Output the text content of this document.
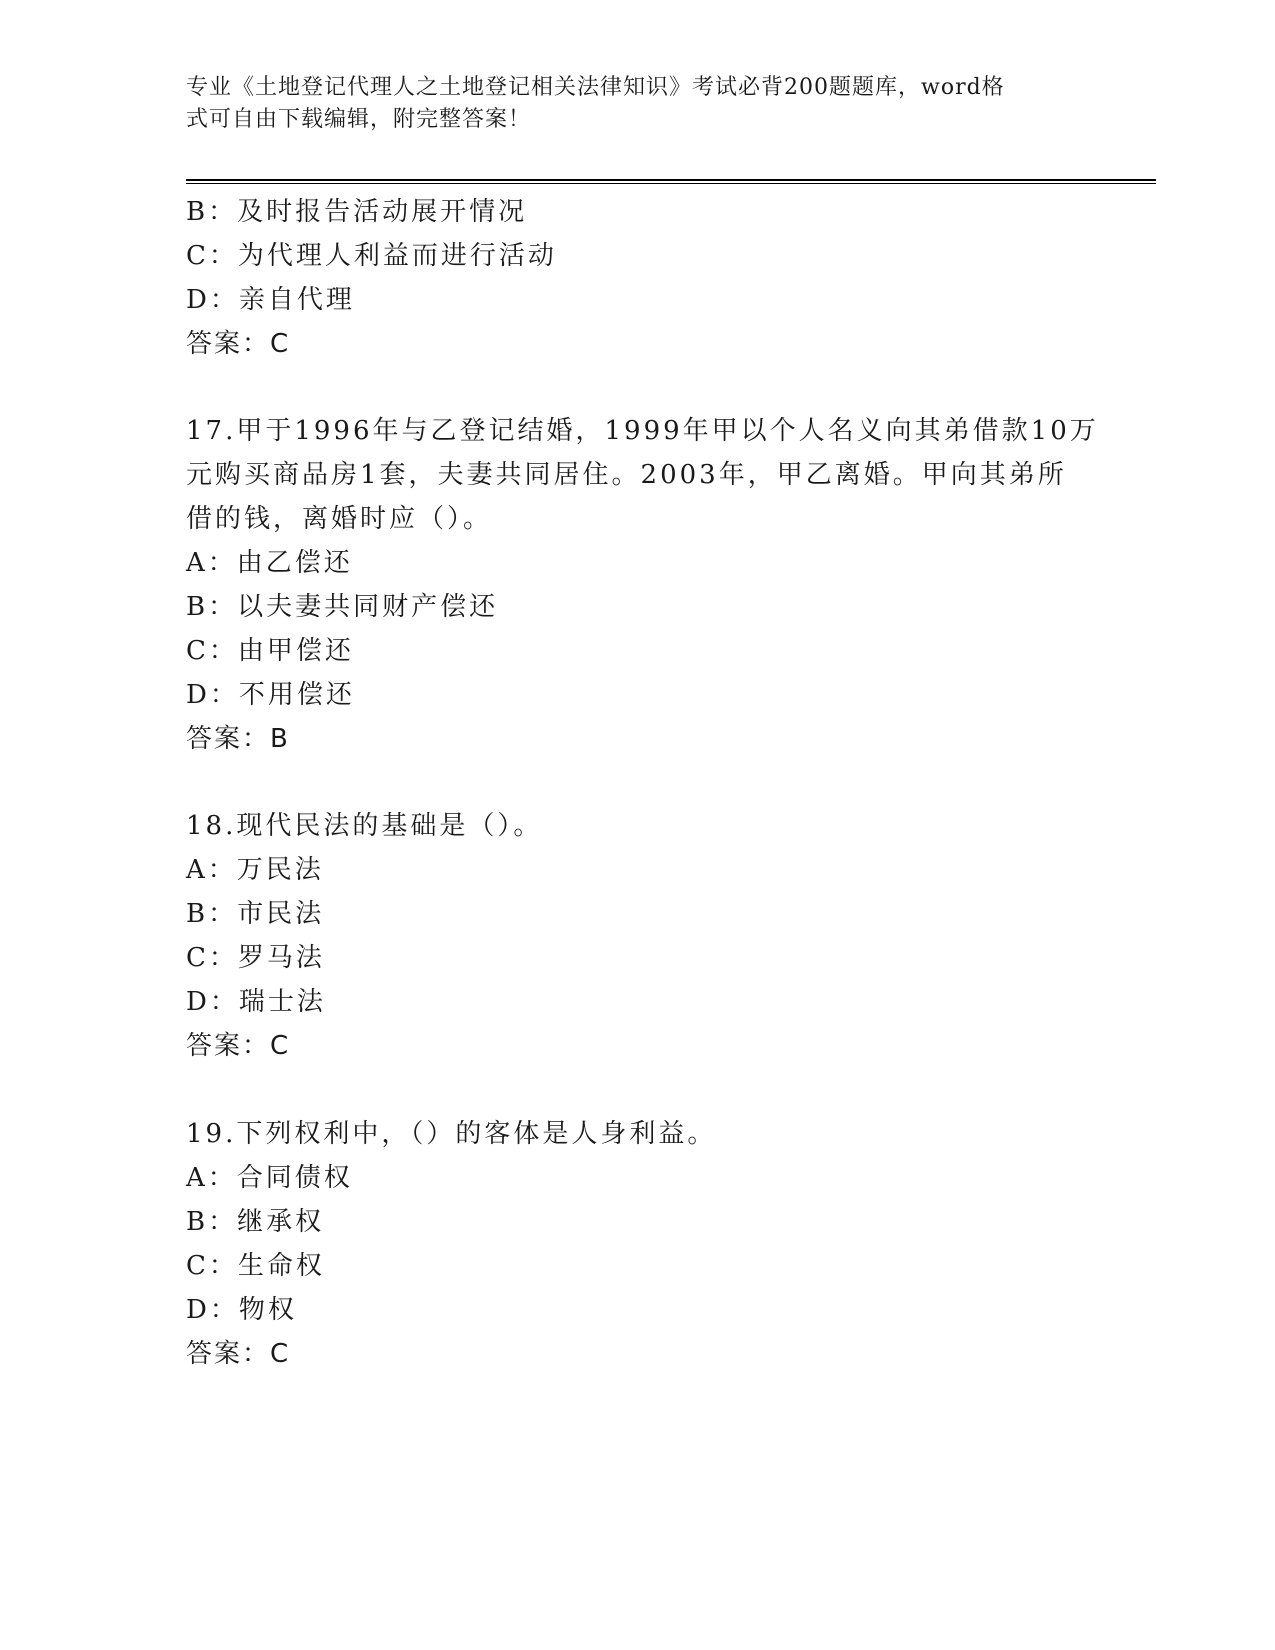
专业《土地登记代理人之土地登记相关法律知识》考试必背200题题库，word格
式可自由下载编辑，附完整答案！
B：及时报告活动展开情况
C：为代理人利益而进行活动
D：亲自代理
答案：C
17.甲于1996年与乙登记结婚，1999年甲以个人名义向其弟借款10万
元购买商品房1套，夫妻共同居住。2003年，甲乙离婚。甲向其弟所
借的钱，离婚时应（）。
A：由乙偿还
B：以夫妻共同财产偿还
C：由甲偿还
D：不用偿还
答案：B
18.现代民法的基础是（）。
A：万民法
B：市民法
C：罗马法
D：瑞士法
答案：C
19.下列权利中，（）的客体是人身利益。
A：合同债权
B：继承权
C：生命权
D：物权
答案：C
